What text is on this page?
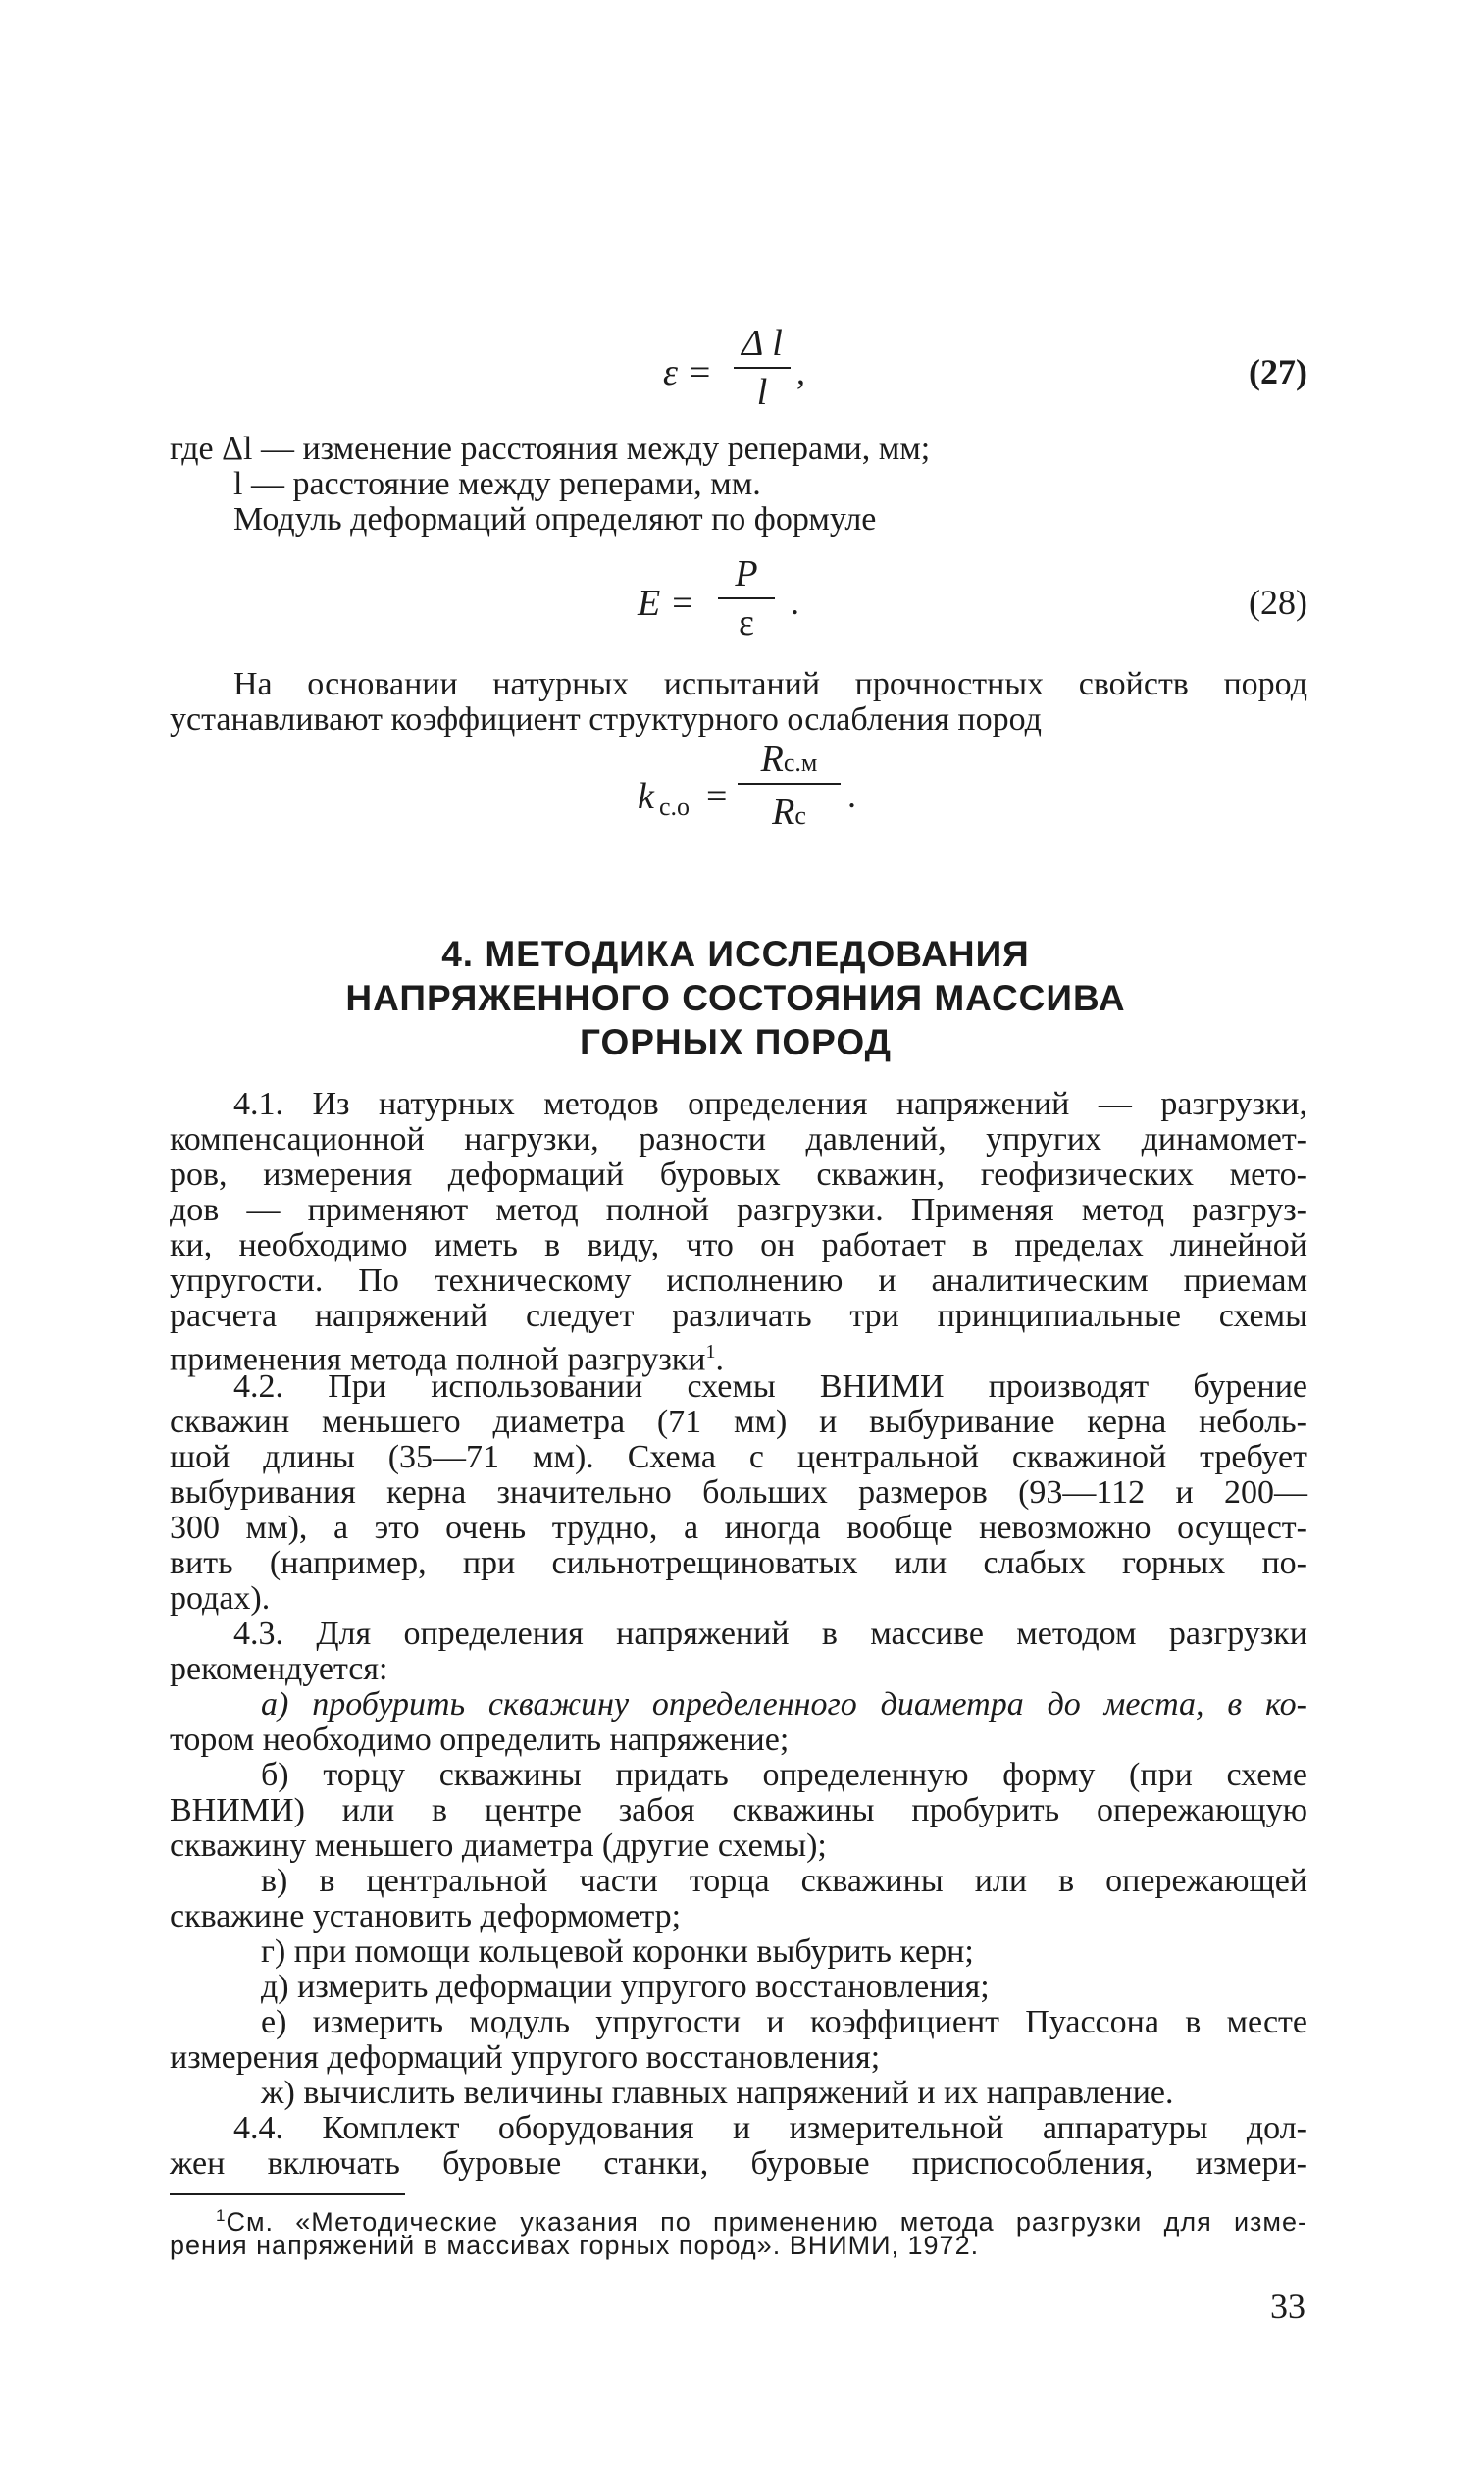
ε =
Δ l
l ,	(27)
где Δl — изменение расстояния между реперами, мм;
l — расстояние между реперами, мм.
Модуль деформаций определяют по формуле
E =
P
ε .	(28)
На основании натурных испытаний прочностных свойств пород
устанавливают коэффициент структурного ослабления пород
k с.о =
Rс.м
Rс
.
4. МЕТОДИКА ИССЛЕДОВАНИЯ
НАПРЯЖЕННОГО СОСТОЯНИЯ МАССИВА
ГОРНЫХ ПОРОД
4.1. Из натурных методов определения напряжений — разгрузки,
компенсационной нагрузки, разности давлений, упругих динамомет-
ров, измерения деформаций буровых скважин, геофизических мето-
дов — применяют метод полной разгрузки. Применяя метод разгруз-
ки, необходимо иметь в виду, что он работает в пределах линейной
упругости. По техническому исполнению и аналитическим приемам
расчета напряжений следует различать три принципиальные схемы
применения метода полной разгрузки$^1$.
4.2. При использовании схемы ВНИМИ производят бурение
скважин меньшего диаметра (71 мм) и выбуривание керна неболь-
шой длины (35—71 мм). Схема с центральной скважиной требует
выбуривания керна значительно больших размеров (93—112 и 200—
300 мм), а это очень трудно, а иногда вообще невозможно осущест-
вить (например, при сильнотрещиноватых или слабых горных по-
родах).
4.3. Для определения напряжений в массиве методом разгрузки
рекомендуется:
а) пробурить скважину определенного диаметра до места, в ко-
тором необходимо определить напряжение;
б) торцу скважины придать определенную форму (при схеме
ВНИМИ) или в центре забоя скважины пробурить опережающую
скважину меньшего диаметра (другие схемы);
в) в центральной части торца скважины или в опережающей
скважине установить деформометр;
г) при помощи кольцевой коронки выбурить керн;
д) измерить деформации упругого восстановления;
е) измерить модуль упругости и коэффициент Пуассона в месте
измерения деформаций упругого восстановления;
ж) вычислить величины главных напряжений и их направление.
4.4. Комплект оборудования и измерительной аппаратуры дол-
жен включать буровые станки, буровые приспособления, измери-
$^1$См. «Методические указания по применению метода разгрузки для изме-
рения напряжений в массивах горных пород». ВНИМИ, 1972.
33
